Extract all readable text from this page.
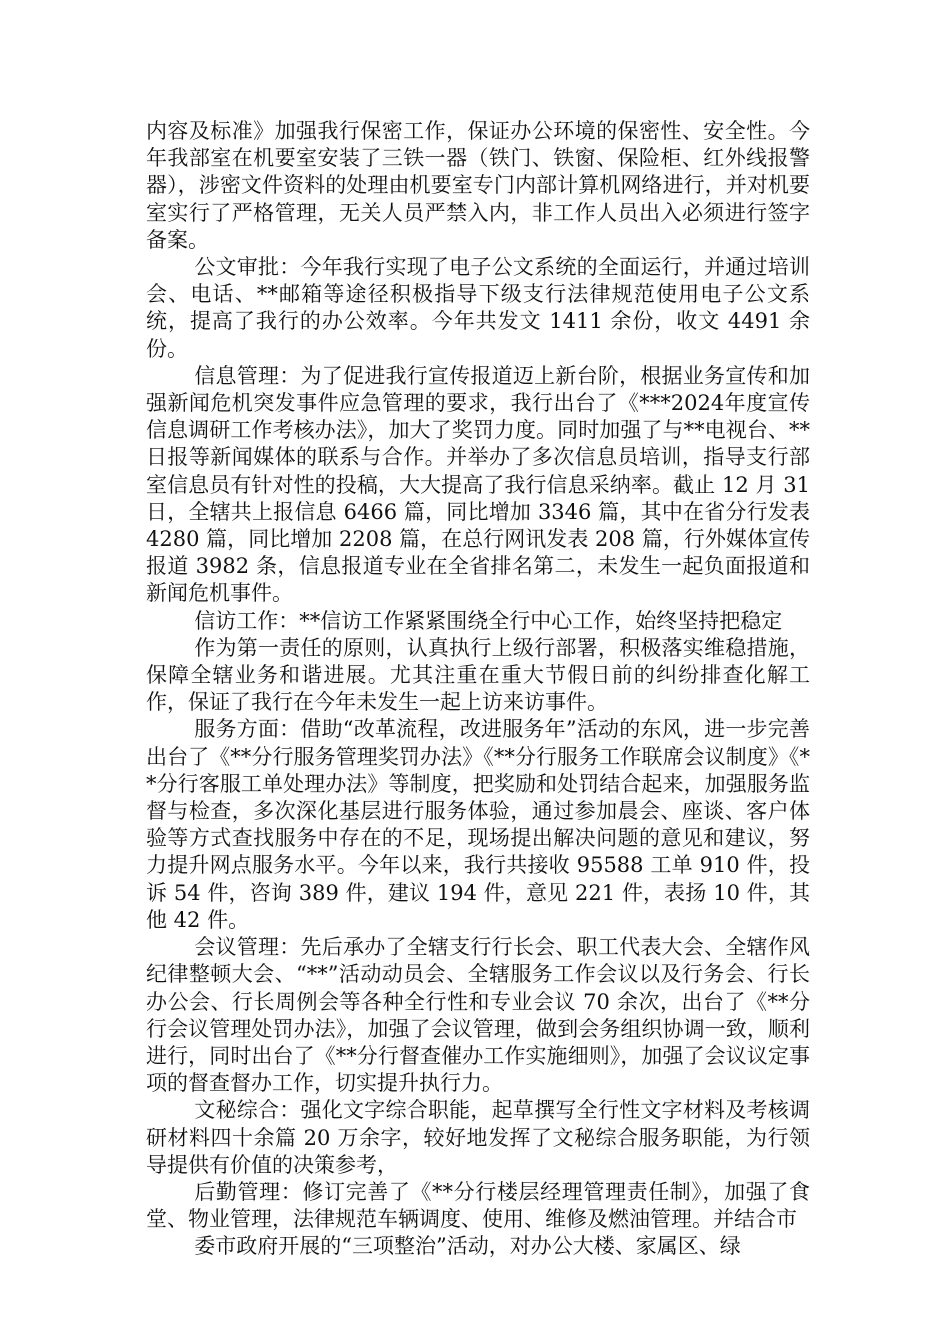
内容及标准》加强我行保密工作，保证办公环境的保密性、安全性。今年我部室在机要室安装了三铁一器（铁门、铁窗、保险柜、红外线报警器），涉密文件资料的处理由机要室专门内部计算机网络进行，并对机要室实行了严格管理，无关人员严禁入内，非工作人员出入必须进行签字备案。

公文审批：今年我行实现了电子公文系统的全面运行，并通过培训会、电话、**邮箱等途径积极指导下级支行法律规范使用电子公文系统，提高了我行的办公效率。今年共发文 1411 余份，收文 4491 余份。

信息管理：为了促进我行宣传报道迈上新台阶，根据业务宣传和加强新闻危机突发事件应急管理的要求，我行出台了《***2024年度宣传信息调研工作考核办法》，加大了奖罚力度。同时加强了与**电视台、**日报等新闻媒体的联系与合作。并举办了多次信息员培训，指导支行部室信息员有针对性的投稿，大大提高了我行信息采纳率。截止 12 月 31 日，全辖共上报信息 6466 篇，同比增加 3346 篇，其中在省分行发表 4280 篇，同比增加 2208 篇，在总行网讯发表 208 篇，行外媒体宣传报道 3982 条，信息报道专业在全省排名第二，未发生一起负面报道和新闻危机事件。

信访工作：**信访工作紧紧围绕全行中心工作，始终坚持把稳定

作为第一责任的原则，认真执行上级行部署，积极落实维稳措施，保障全辖业务和谐进展。尤其注重在重大节假日前的纠纷排查化解工作，保证了我行在今年未发生一起上访来访事件。

服务方面：借助“改革流程，改进服务年”活动的东风，进一步完善出台了《**分行服务管理奖罚办法》《**分行服务工作联席会议制度》《**分行客服工单处理办法》等制度，把奖励和处罚结合起来，加强服务监督与检查，多次深化基层进行服务体验，通过参加晨会、座谈、客户体验等方式查找服务中存在的不足，现场提出解决问题的意见和建议，努力提升网点服务水平。今年以来，我行共接收 95588 工单 910 件，投诉 54 件，咨询 389 件，建议 194 件，意见 221 件，表扬 10 件，其他 42 件。

会议管理：先后承办了全辖支行行长会、职工代表大会、全辖作风纪律整顿大会、“**”活动动员会、全辖服务工作会议以及行务会、行长办公会、行长周例会等各种全行性和专业会议 70 余次，出台了《**分行会议管理处罚办法》，加强了会议管理，做到会务组织协调一致，顺利进行，同时出台了《**分行督查催办工作实施细则》，加强了会议议定事项的督查督办工作，切实提升执行力。

文秘综合：强化文字综合职能，起草撰写全行性文字材料及考核调研材料四十余篇 20 万余字，较好地发挥了文秘综合服务职能，为行领导提供有价值的决策参考，

后勤管理：修订完善了《**分行楼层经理管理责任制》，加强了食堂、物业管理，法律规范车辆调度、使用、维修及燃油管理。并结合市

委市政府开展的“三项整治”活动，对办公大楼、家属区、绿
